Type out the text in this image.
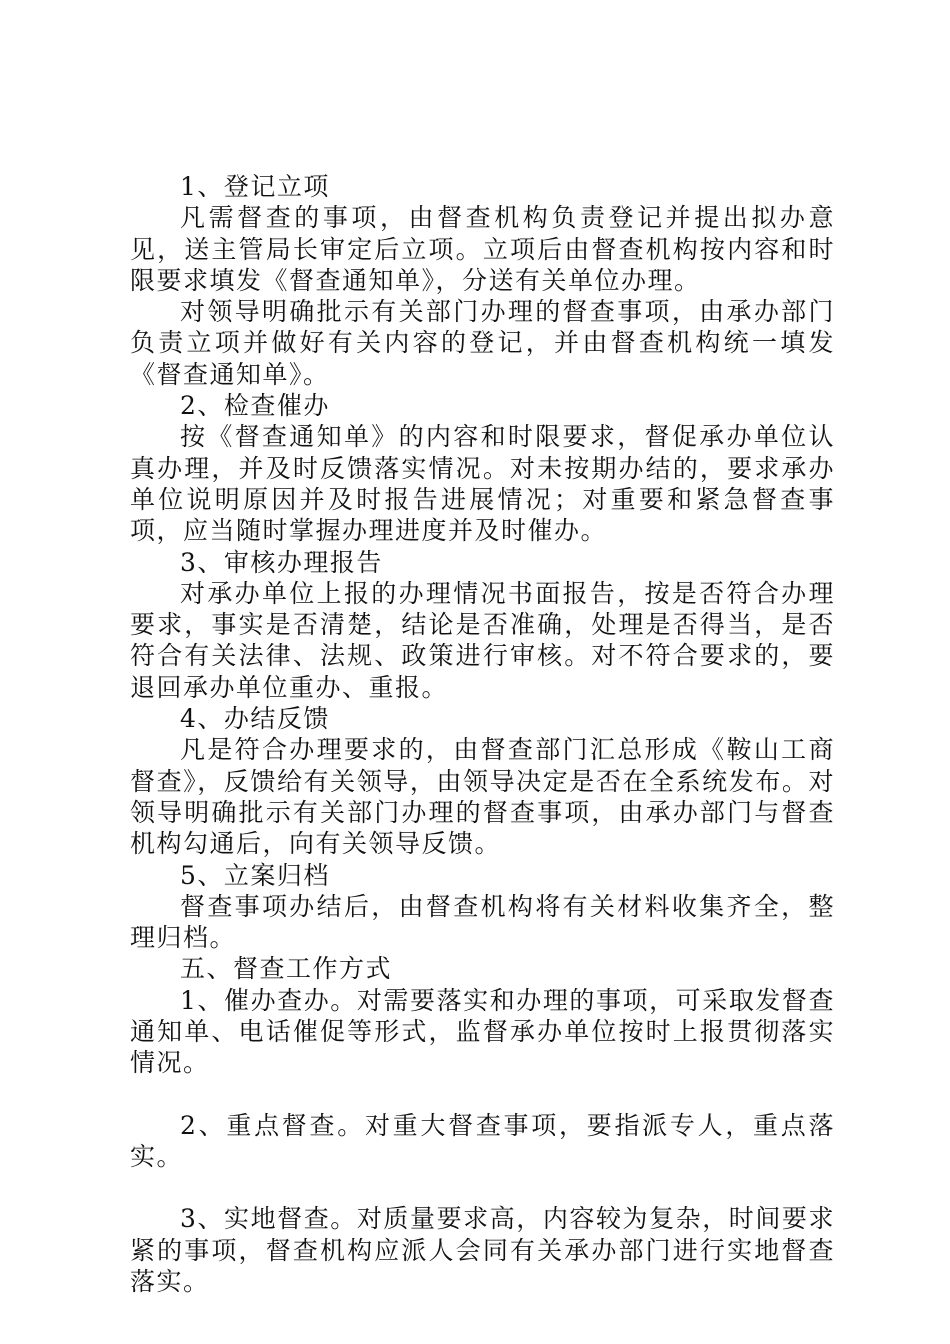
1、登记立项

凡需督查的事项，由督查机构负责登记并提出拟办意见，送主管局长审定后立项。立项后由督查机构按内容和时限要求填发《督查通知单》，分送有关单位办理。

对领导明确批示有关部门办理的督查事项，由承办部门负责立项并做好有关内容的登记，并由督查机构统一填发《督查通知单》。

2、检查催办

按《督查通知单》的内容和时限要求，督促承办单位认真办理，并及时反馈落实情况。对未按期办结的，要求承办单位说明原因并及时报告进展情况；对重要和紧急督查事项，应当随时掌握办理进度并及时催办。

3、审核办理报告

对承办单位上报的办理情况书面报告，按是否符合办理要求，事实是否清楚，结论是否准确，处理是否得当，是否符合有关法律、法规、政策进行审核。对不符合要求的，要退回承办单位重办、重报。

4、办结反馈

凡是符合办理要求的，由督查部门汇总形成《鞍山工商督查》，反馈给有关领导，由领导决定是否在全系统发布。对领导明确批示有关部门办理的督查事项，由承办部门与督查机构勾通后，向有关领导反馈。

5、立案归档

督查事项办结后，由督查机构将有关材料收集齐全，整理归档。

五、督查工作方式

1、催办查办。对需要落实和办理的事项，可采取发督查通知单、电话催促等形式，监督承办单位按时上报贯彻落实情况。

2、重点督查。对重大督查事项，要指派专人，重点落实。

3、实地督查。对质量要求高，内容较为复杂，时间要求紧的事项，督查机构应派人会同有关承办部门进行实地督查落实。
